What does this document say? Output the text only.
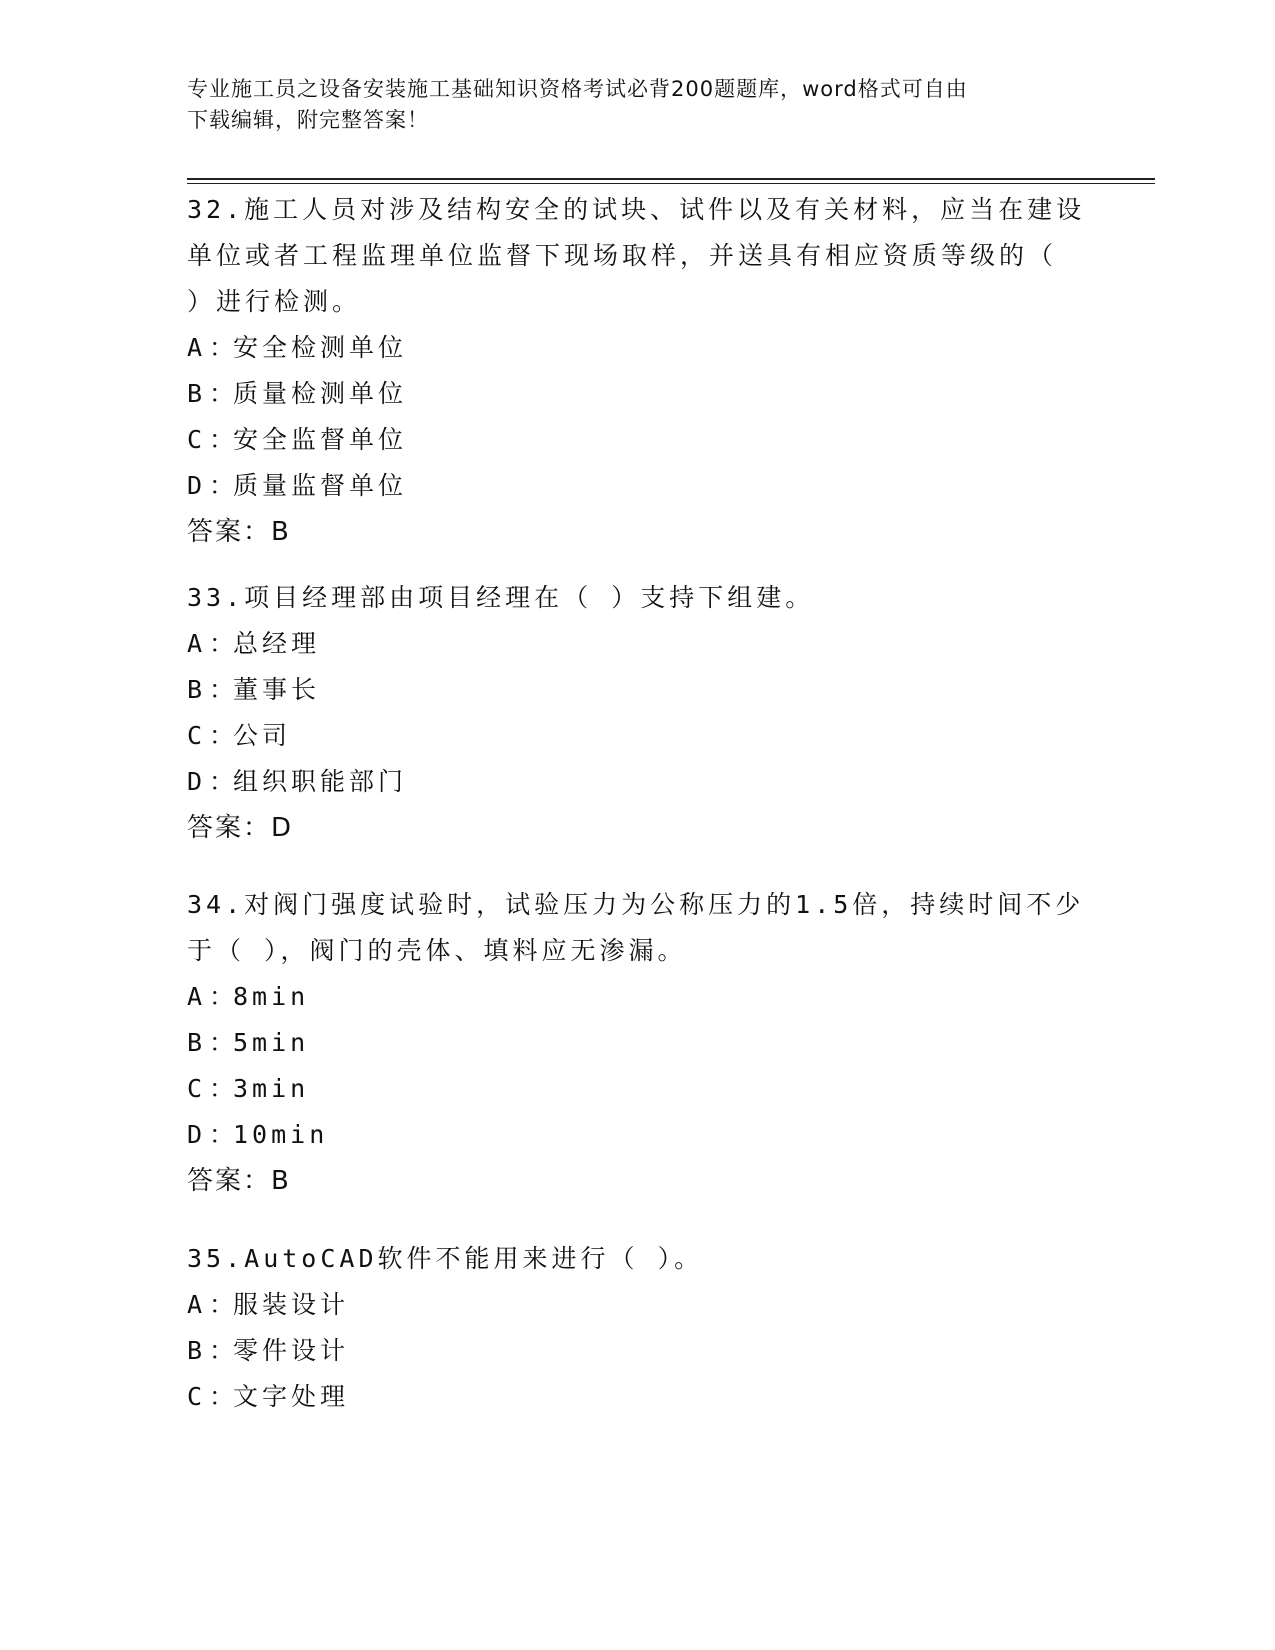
专业施工员之设备安装施工基础知识资格考试必背200题题库，word格式可自由
下载编辑，附完整答案！

32.施工人员对涉及结构安全的试块、试件以及有关材料，应当在建设

单位或者工程监理单位监督下现场取样，并送具有相应资质等级的（

）进行检测。

A ：安全检测单位

B ：质量检测单位

C ：安全监督单位

D ：质量监督单位

答案：B

33.项目经理部由项目经理在（ ）支持下组建。

A ：总经理

B ：董事长

C ：公司

D ：组织职能部门

答案：D

34.对阀门强度试验时，试验压力为公称压力的1.5倍，持续时间不少

于（ ），阀门的壳体、填料应无渗漏。

A ：8min

B ：5min

C ：3min

D ：10min

答案：B

35.AutoCAD软件不能用来进行（ ）。

A ：服装设计

B ：零件设计

C ：文字处理
